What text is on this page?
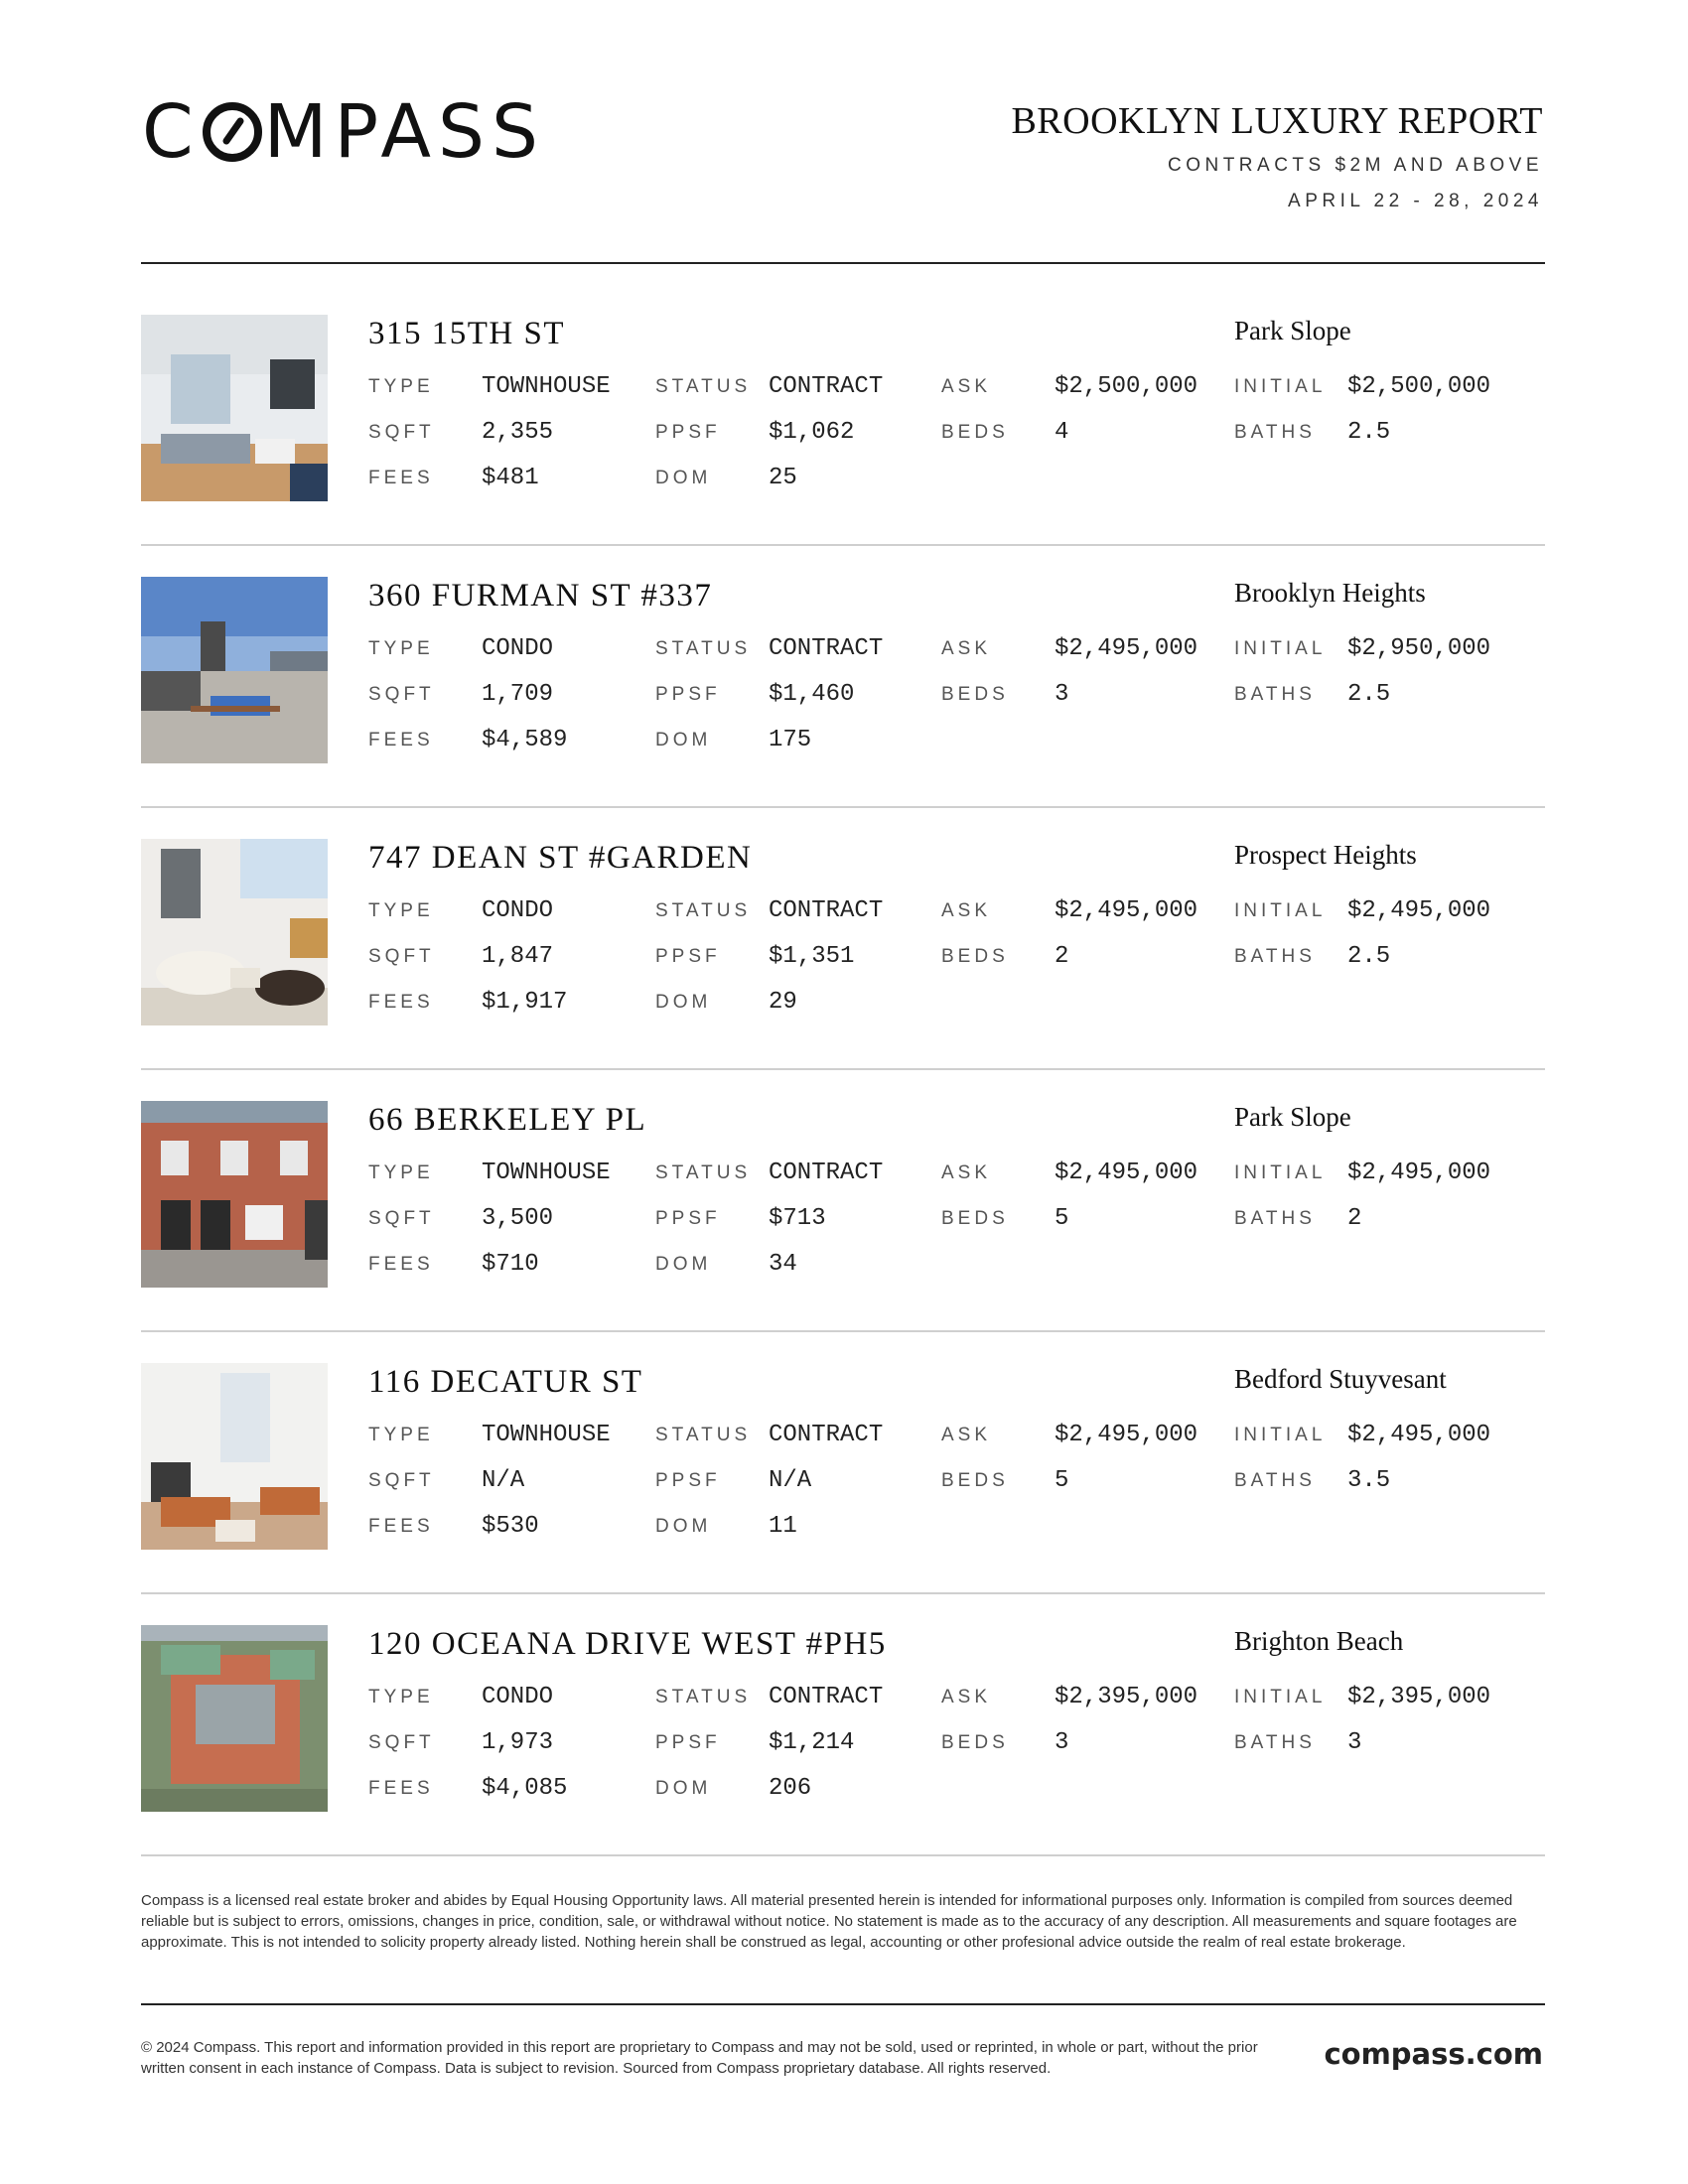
C MPASS	BROOKLYN LUXURY REPORT
CONTRACTS $2M AND ABOVE
APRIL 22 - 28, 2024
315 15TH ST	Park Slope
TYPE TOWNHOUSE STATUS CONTRACT	ASK	$2,500,000 INITIAL $2,500,000
SQFT 2,355	PPSF $1,062	BEDS 4	BATHS 2.5
FEES $481	DOM 25
360 FURMAN ST #337	Brooklyn Heights
TYPE CONDO	STATUS CONTRACT	ASK	$2,495,000 INITIAL $2,950,000
SQFT 1,709	PPSF $1,460	BEDS 3	BATHS 2.5
FEES $4,589	DOM 175
747 DEAN ST #GARDEN	Prospect Heights
TYPE CONDO	STATUS CONTRACT	ASK	$2,495,000 INITIAL $2,495,000
SQFT 1,847	PPSF $1,351	BEDS 2	BATHS 2.5
FEES $1,917	DOM 29
66 BERKELEY PL	Park Slope
TYPE TOWNHOUSE STATUS CONTRACT	ASK	$2,495,000 INITIAL $2,495,000
SQFT 3,500	PPSF $713	BEDS 5	BATHS 2
FEES $710	DOM 34
116 DECATUR ST	Bedford Stuyvesant
TYPE TOWNHOUSE STATUS CONTRACT	ASK	$2,495,000 INITIAL $2,495,000
SQFT N/A	PPSF N/A	BEDS 5	BATHS 3.5
FEES $530	DOM 11
120 OCEANA DRIVE WEST #PH5	Brighton Beach
TYPE CONDO	STATUS CONTRACT	ASK	$2,395,000 INITIAL $2,395,000
SQFT 1,973	PPSF $1,214	BEDS 3	BATHS 3
FEES $4,085	DOM 206
Compass is a licensed real estate broker and abides by Equal Housing Opportunity laws. All material presented herein is intended for informational purposes only. Information is compiled from sources deemed reliable but is subject to errors, omissions, changes in price, condition, sale, or withdrawal without notice. No statement is made as to the accuracy of any description. All measurements and square footages are approximate. This is not intended to solicity property already listed. Nothing herein shall be construed as legal, accounting or other profesional advice outside the realm of real estate brokerage.
© 2024 Compass. This report and information provided in this report are proprietary to Compass and may not be sold, used or reprinted, in whole or part, without the prior written consent in each instance of Compass. Data is subject to revision. Sourced from Compass proprietary database. All rights reserved.	compass.com
